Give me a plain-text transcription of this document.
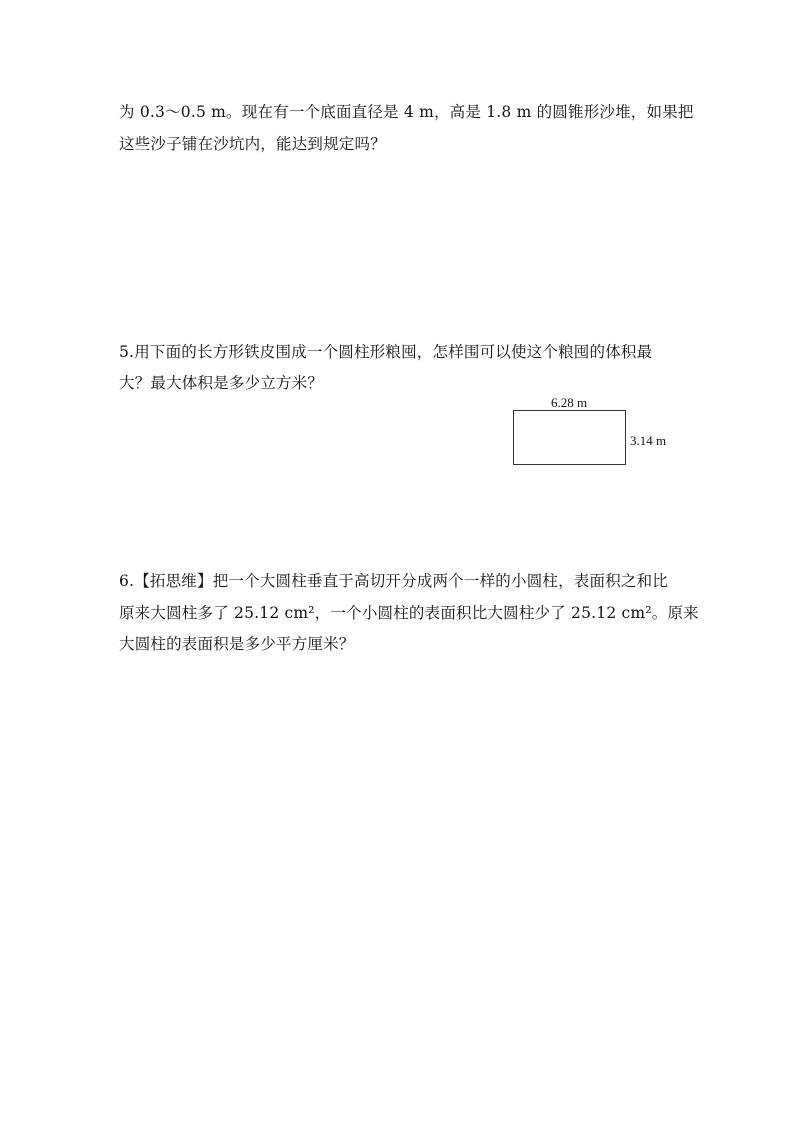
为 0.3～0.5 m。现在有一个底面直径是 4 m，高是 1.8 m 的圆锥形沙堆，如果把
这些沙子铺在沙坑内，能达到规定吗？
5.用下面的长方形铁皮围成一个圆柱形粮囤，怎样围可以使这个粮囤的体积最
大？最大体积是多少立方米？
6.28 m
3.14 m
6.【拓思维】把一个大圆柱垂直于高切开分成两个一样的小圆柱，表面积之和比
原来大圆柱多了 25.12 cm²，一个小圆柱的表面积比大圆柱少了 25.12 cm²。原来
大圆柱的表面积是多少平方厘米？
